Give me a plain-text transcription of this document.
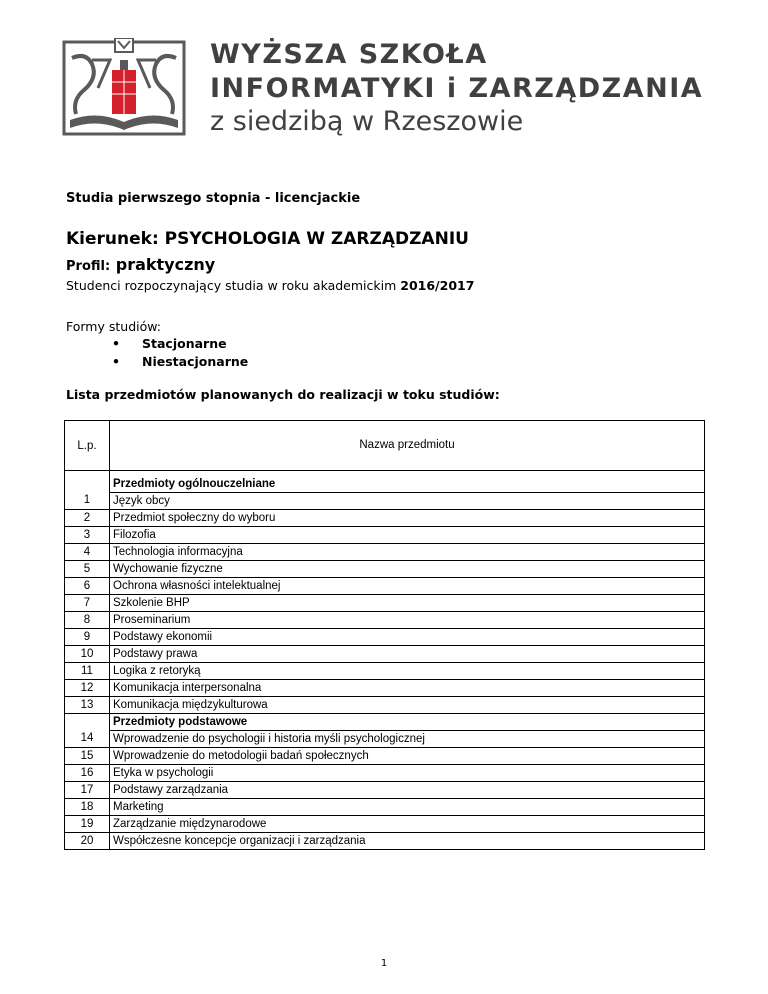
WYŻSZA SZKOŁA
INFORMATYKI i ZARZĄDZANIA
z siedzibą w Rzeszowie
Studia pierwszego stopnia - licencjackie
Kierunek: PSYCHOLOGIA W ZARZĄDZANIU
Profil: praktyczny
Studenci rozpoczynający studia w roku akademickim 2016/2017
Formy studiów:
• Stacjonarne
• Niestacjonarne
Lista przedmiotów planowanych do realizacji w toku studiów:
L.p.	Nazwa przedmiotu
	Przedmioty ogólnouczelniane
1	Język obcy
2	Przedmiot społeczny do wyboru
3	Filozofia
4	Technologia informacyjna
5	Wychowanie fizyczne
6	Ochrona własności intelektualnej
7	Szkolenie BHP
8	Proseminarium
9	Podstawy ekonomii
10	Podstawy prawa
11	Logika z retoryką
12	Komunikacja interpersonalna
13	Komunikacja międzykulturowa
	Przedmioty podstawowe
14	Wprowadzenie do psychologii i historia myśli psychologicznej
15	Wprowadzenie do metodologii badań społecznych
16	Etyka w psychologii
17	Podstawy zarządzania
18	Marketing
19	Zarządzanie międzynarodowe
20	Współczesne koncepcje organizacji i zarządzania
1
